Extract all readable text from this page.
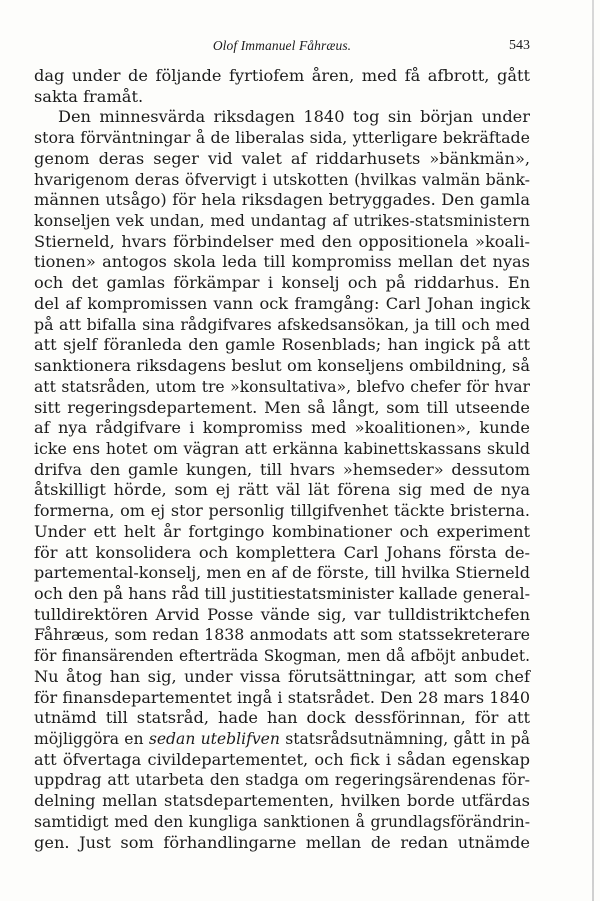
Olof Immanuel Fåhræus.	543
dag under de följande fyrtiofem åren, med få afbrott, gått
sakta framåt.
Den minnesvärda riksdagen 1840 tog sin början under
stora förväntningar å de liberalas sida, ytterligare bekräftade
genom deras seger vid valet af riddarhusets »bänkmän»,
hvarigenom deras öfvervigt i utskotten (hvilkas valmän bänk-
männen utsågo) för hela riksdagen betryggades. Den gamla
konseljen vek undan, med undantag af utrikes-statsministern
Stierneld, hvars förbindelser med den oppositionela »koali-
tionen» antogos skola leda till kompromiss mellan det nyas
och det gamlas förkämpar i konselj och på riddarhus. En
del af kompromissen vann ock framgång: Carl Johan ingick
på att bifalla sina rådgifvares afskedsansökan, ja till och med
att sjelf föranleda den gamle Rosenblads; han ingick på att
sanktionera riksdagens beslut om konseljens ombildning, så
att statsråden, utom tre »konsultativa», blefvo chefer för hvar
sitt regeringsdepartement. Men så långt, som till utseende
af nya rådgifvare i kompromiss med »koalitionen», kunde
icke ens hotet om vägran att erkänna kabinettskassans skuld
drifva den gamle kungen, till hvars »hemseder» dessutom
åtskilligt hörde, som ej rätt väl lät förena sig med de nya
formerna, om ej stor personlig tillgifvenhet täckte bristerna.
Under ett helt år fortgingo kombinationer och experiment
för att konsolidera och komplettera Carl Johans första de-
partemental-konselj, men en af de förste, till hvilka Stierneld
och den på hans råd till justitiestatsminister kallade general-
tulldirektören Arvid Posse vände sig, var tulldistriktchefen
Fåhræus, som redan 1838 anmodats att som statssekreterare
för finansärenden efterträda Skogman, men då afböjt anbudet.
Nu åtog han sig, under vissa förutsättningar, att som chef
för finansdepartementet ingå i statsrådet. Den 28 mars 1840
utnämd till statsråd, hade han dock dessförinnan, för att
möjliggöra en sedan uteblifven statsrådsutnämning, gått in på
att öfvertaga civildepartementet, och fick i sådan egenskap
uppdrag att utarbeta den stadga om regeringsärendenas för-
delning mellan statsdepartementen, hvilken borde utfärdas
samtidigt med den kungliga sanktionen å grundlagsförändrin-
gen. Just som förhandlingarne mellan de redan utnämde
